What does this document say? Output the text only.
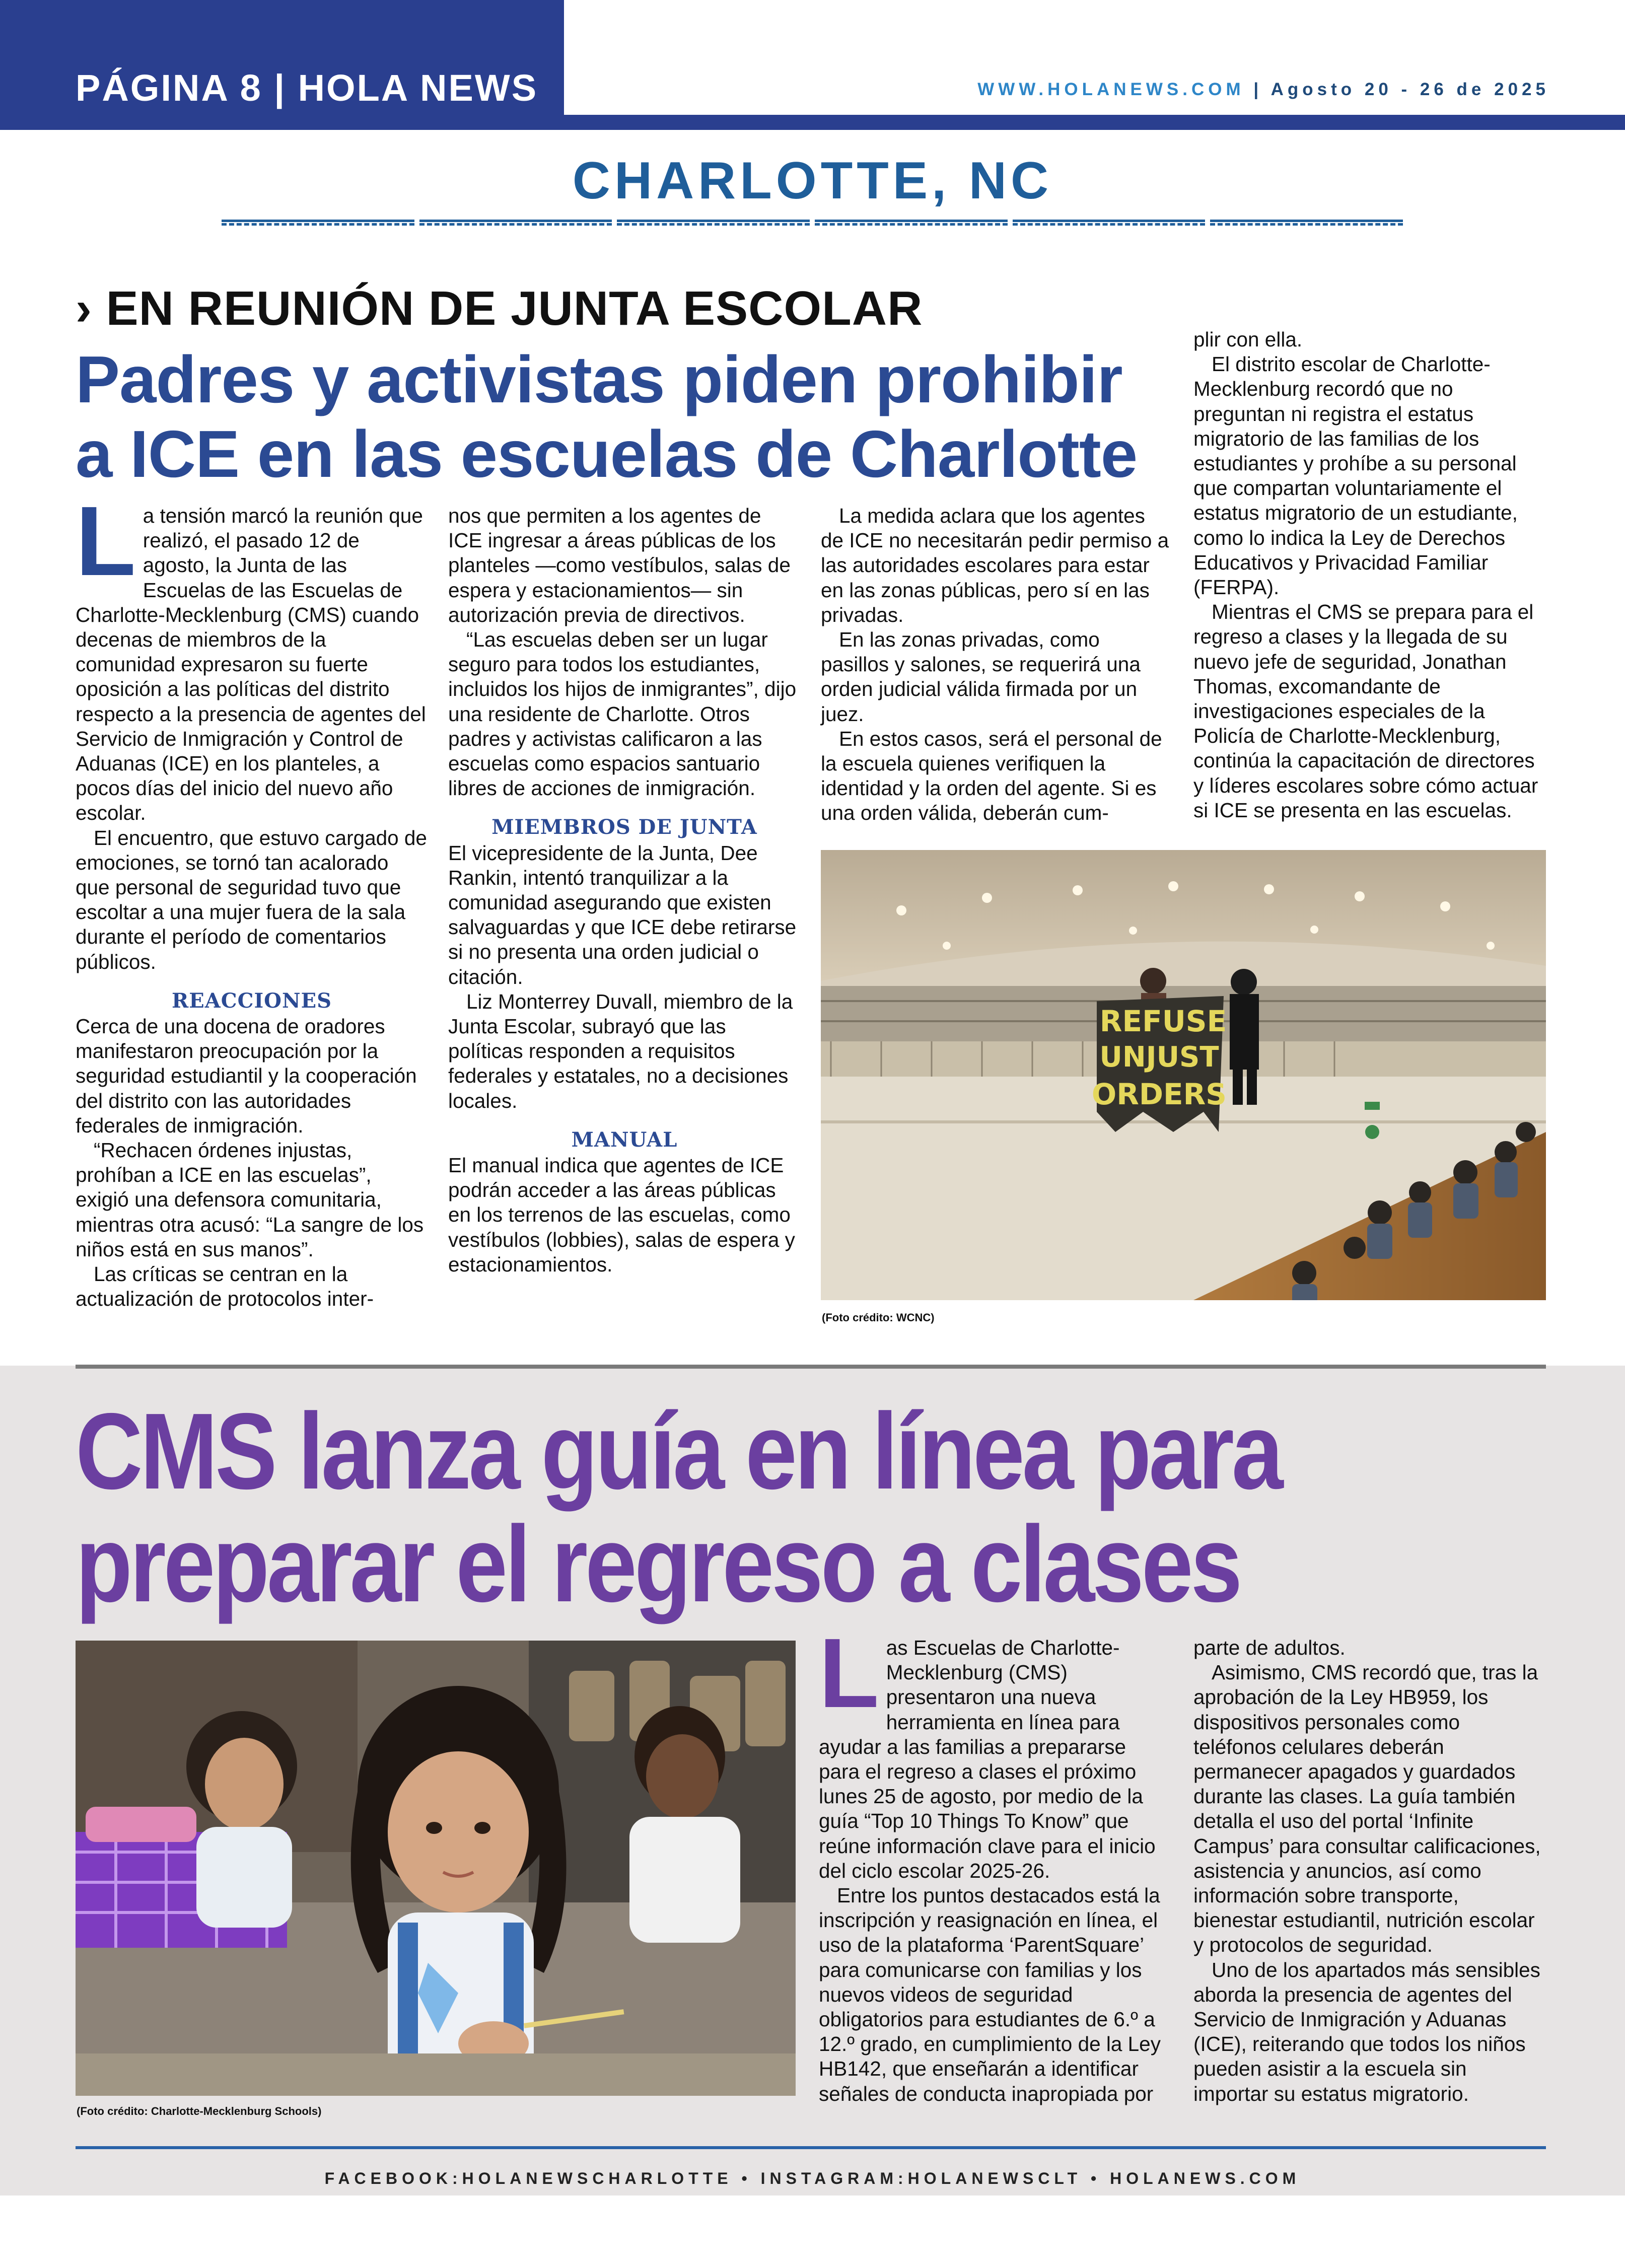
PÁGINA 8 | HOLA NEWS	WWW.HOLANEWS.COM | Agosto 20 - 26 de 2025
CHARLOTTE, NC
› EN REUNIÓN DE JUNTA ESCOLAR
Padres y activistas piden prohibir
a ICE en las escuelas de Charlotte

La tensión marcó la reunión que realizó, el pasado 12 de agosto, la Junta de las Escuelas de las Escuelas de Charlotte-Mecklenburg (CMS) cuando decenas de miembros de la comunidad expresaron su fuerte oposición a las políticas del distrito respecto a la presencia de agentes del Servicio de Inmigración y Control de Aduanas (ICE) en los planteles, a pocos días del inicio del nuevo año escolar.

El encuentro, que estuvo cargado de emociones, se tornó tan acalorado que personal de seguridad tuvo que escoltar a una mujer fuera de la sala durante el período de comentarios públicos.

REACCIONES

Cerca de una docena de oradores manifestaron preocupación por la seguridad estudiantil y la cooperación del distrito con las autoridades federales de inmigración.

“Rechacen órdenes injustas, prohíban a ICE en las escuelas”, exigió una defensora comunitaria, mientras otra acusó: “La sangre de los niños está en sus manos”.

Las críticas se centran en la actualización de protocolos inter-

nos que permiten a los agentes de ICE ingresar a áreas públicas de los planteles —como vestíbulos, salas de espera y estacionamientos— sin autorización previa de directivos.

“Las escuelas deben ser un lugar seguro para todos los estudiantes, incluidos los hijos de inmigrantes”, dijo una residente de Charlotte. Otros padres y activistas calificaron a las escuelas como espacios santuario libres de acciones de inmigración.

MIEMBROS DE JUNTA

El vicepresidente de la Junta, Dee Rankin, intentó tranquilizar a la comunidad asegurando que existen salvaguardas y que ICE debe retirarse si no presenta una orden judicial o citación.

Liz Monterrey Duvall, miembro de la Junta Escolar, subrayó que las políticas responden a requisitos federales y estatales, no a decisiones locales.

MANUAL

El manual indica que agentes de ICE podrán acceder a las áreas públicas en los terrenos de las escuelas, como vestíbulos (lobbies), salas de espera y estacionamientos.

La medida aclara que los agentes de ICE no necesitarán pedir permiso a las autoridades escolares para estar en las zonas públicas, pero sí en las privadas.

En las zonas privadas, como pasillos y salones, se requerirá una orden judicial válida firmada por un juez.

En estos casos, será el personal de la escuela quienes verifiquen la identidad y la orden del agente. Si es una orden válida, deberán cum-

plir con ella.

El distrito escolar de Charlotte-Mecklenburg recordó que no preguntan ni registra el estatus migratorio de las familias de los estudiantes y prohíbe a su personal que compartan voluntariamente el estatus migratorio de un estudiante, como lo indica la Ley de Derechos Educativos y Privacidad Familiar (FERPA).

Mientras el CMS se prepara para el regreso a clases y la llegada de su nuevo jefe de seguridad, Jonathan Thomas, excomandante de investigaciones especiales de la Policía de Charlotte-Mecklenburg, continúa la capacitación de directores y líderes escolares sobre cómo actuar si ICE se presenta en las escuelas.

REFUSE
UNJUST
ORDERS
(Foto crédito: WCNC)
CMS lanza guía en línea para
preparar el regreso a clases
(Foto crédito: Charlotte-Mecklenburg Schools)

Las Escuelas de Charlotte-Mecklenburg (CMS) presentaron una nueva herramienta en línea para ayudar a las familias a prepararse para el regreso a clases el próximo lunes 25 de agosto, por medio de la guía “Top 10 Things To Know” que reúne información clave para el inicio del ciclo escolar 2025-26.

Entre los puntos destacados está la inscripción y reasignación en línea, el uso de la plataforma ‘ParentSquare’ para comunicarse con familias y los nuevos videos de seguridad obligatorios para estudiantes de 6.º a 12.º grado, en cumplimiento de la Ley HB142, que enseñarán a identificar señales de conducta inapropiada por

parte de adultos.

Asimismo, CMS recordó que, tras la aprobación de la Ley HB959, los dispositivos personales como teléfonos celulares deberán permanecer apagados y guardados durante las clases. La guía también detalla el uso del portal ‘Infinite Campus’ para consultar calificaciones, asistencia y anuncios, así como información sobre transporte, bienestar estudiantil, nutrición escolar y protocolos de seguridad.

Uno de los apartados más sensibles aborda la presencia de agentes del Servicio de Inmigración y Aduanas (ICE), reiterando que todos los niños pueden asistir a la escuela sin importar su estatus migratorio.

FACEBOOK:HOLANEWSCHARLOTTE • INSTAGRAM:HOLANEWSCLT • HOLANEWS.COM
